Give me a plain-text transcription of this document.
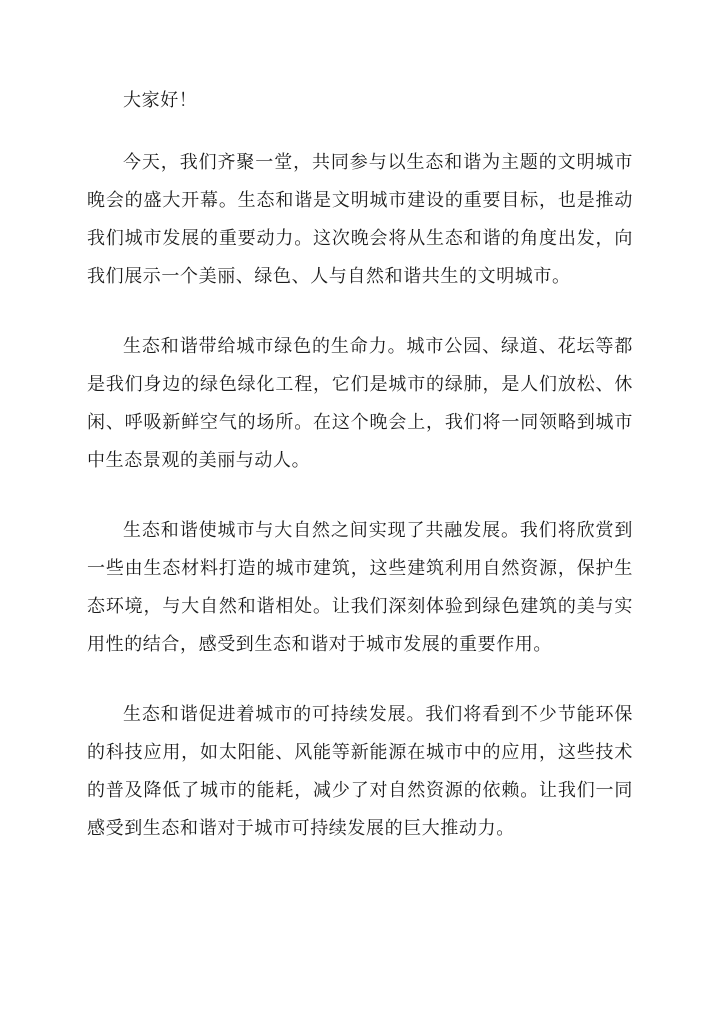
大家好！

今天，我们齐聚一堂，共同参与以生态和谐为主题的文明城市晚会的盛大开幕。生态和谐是文明城市建设的重要目标，也是推动我们城市发展的重要动力。这次晚会将从生态和谐的角度出发，向我们展示一个美丽、绿色、人与自然和谐共生的文明城市。

生态和谐带给城市绿色的生命力。城市公园、绿道、花坛等都是我们身边的绿色绿化工程，它们是城市的绿肺，是人们放松、休闲、呼吸新鲜空气的场所。在这个晚会上，我们将一同领略到城市中生态景观的美丽与动人。

生态和谐使城市与大自然之间实现了共融发展。我们将欣赏到一些由生态材料打造的城市建筑，这些建筑利用自然资源，保护生态环境，与大自然和谐相处。让我们深刻体验到绿色建筑的美与实用性的结合，感受到生态和谐对于城市发展的重要作用。

生态和谐促进着城市的可持续发展。我们将看到不少节能环保的科技应用，如太阳能、风能等新能源在城市中的应用，这些技术的普及降低了城市的能耗，减少了对自然资源的依赖。让我们一同感受到生态和谐对于城市可持续发展的巨大推动力。
